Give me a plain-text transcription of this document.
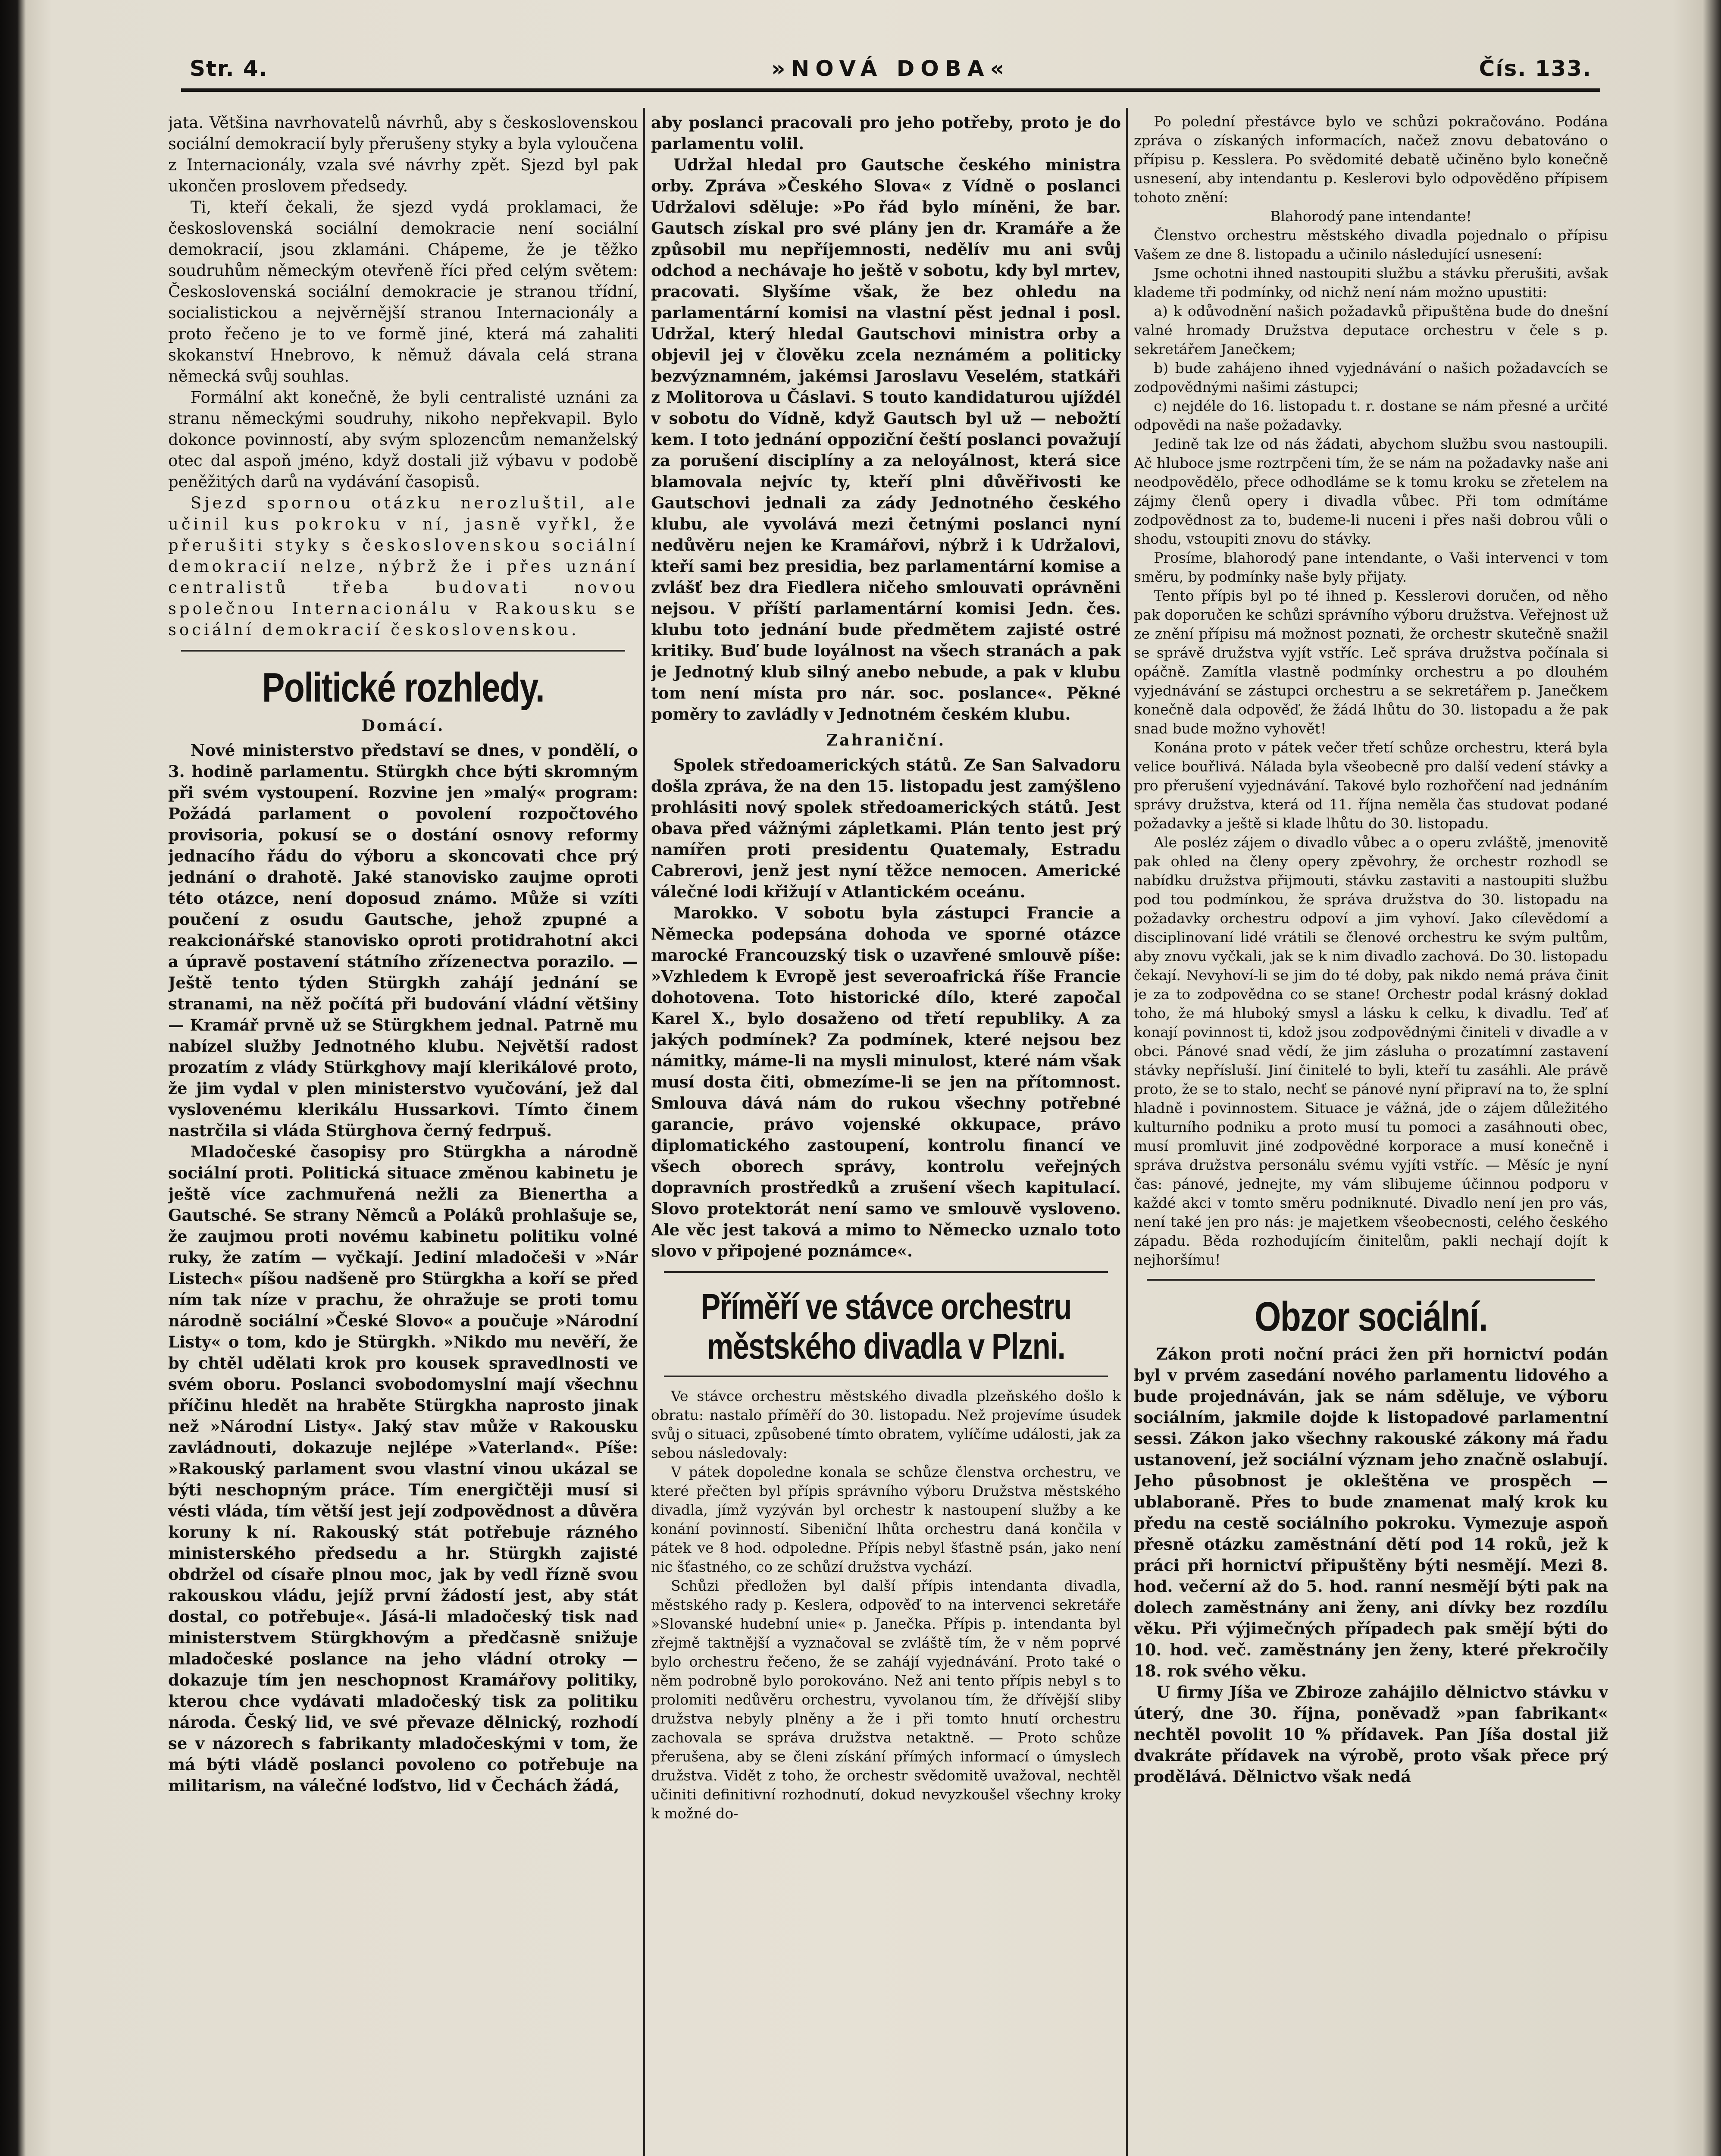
Str. 4.	»NOVÁ DOBA«	Čís. 133.

jata. Většina navrhovatelů návrhů, aby s československou sociální demokracií byly přerušeny styky a byla vyloučena z Internacionály, vzala své návrhy zpět. Sjezd byl pak ukončen proslovem předsedy.

Ti, kteří čekali, že sjezd vydá proklamaci, že československá sociální demokracie není sociální demokracií, jsou zklamáni. Chápeme, že je těžko soudruhům německým otevřeně říci před celým světem: Československá sociální demokracie je stranou třídní, socialistickou a nejvěrnější stranou Internacionály a proto řečeno je to ve formě jiné, která má zahaliti skokanství Hnebrovo, k němuž dávala celá strana německá svůj souhlas.

Formální akt konečně, že byli centralisté uznáni za stranu německými soudruhy, nikoho nepřekvapil. Bylo dokonce povinností, aby svým splozencům nemanželský otec dal aspoň jméno, když dostali již výbavu v podobě peněžitých darů na vydávání časopisů.

Sjezd spornou otázku nerozluštil, ale učinil kus pokroku v ní, jasně vyřkl, že přerušiti styky s československou sociální demokracií nelze, nýbrž že i přes uznání centralistů třeba budovati novou společnou Internacionálu v Rakousku se sociální demokracií československou.

Politické rozhledy.
Domácí.

Nové ministerstvo představí se dnes, v pondělí, o 3. hodině parlamentu. Stürgkh chce býti skromným při svém vystoupení. Rozvine jen »malý« program: Požádá parlament o povolení rozpočtového provisoria, pokusí se o dostání osnovy reformy jednacího řádu do výboru a skoncovati chce prý jednání o drahotě. Jaké stanovisko zaujme oproti této otázce, není doposud známo. Může si vzíti poučení z osudu Gautsche, jehož zpupné a reakcionářské stanovisko oproti protidrahotní akci a úpravě postavení státního zřízenectva porazilo. — Ještě tento týden Stürgkh zahájí jednání se stranami, na něž počítá při budování vládní většiny — Kramář prvně už se Stürgkhem jednal. Patrně mu nabízel služby Jednotného klubu. Největší radost prozatím z vlády Stürkghovy mají klerikálové proto, že jim vydal v plen ministerstvo vyučování, jež dal vyslovenému klerikálu Hussarkovi. Tímto činem nastrčila si vláda Stürghova černý fedrpuš.

Mladočeské časopisy pro Stürgkha a národně sociální proti. Politická situace změnou kabinetu je ještě více zachmuřená nežli za Bienertha a Gautsché. Se strany Němců a Poláků prohlašuje se, že zaujmou proti novému kabinetu politiku volné ruky, že zatím — vyčkají. Jediní mladočeši v »Nár Listech« píšou nadšeně pro Stürgkha a koří se před ním tak níze v prachu, že ohražuje se proti tomu národně sociální »České Slovo« a poučuje »Národní Listy« o tom, kdo je Stürgkh. »Nikdo mu nevěří, že by chtěl udělati krok pro kousek spravedlnosti ve svém oboru. Poslanci svobodomyslní mají všechnu příčinu hledět na hraběte Stürgkha naprosto jinak než »Národní Listy«. Jaký stav může v Rakousku zavládnouti, dokazuje nejlépe »Vaterland«. Píše: »Rakouský parlament svou vlastní vinou ukázal se býti neschopným práce. Tím energičtěji musí si vésti vláda, tím větší jest její zodpovědnost a důvěra koruny k ní. Rakouský stát potřebuje rázného ministerského předsedu a hr. Stürgkh zajisté obdržel od císaře plnou moc, jak by vedl řízně svou rakouskou vládu, jejíž první žádostí jest, aby stát dostal, co potřebuje«. Jásá-li mladočeský tisk nad ministerstvem Stürgkhovým a předčasně snižuje mladočeské poslance na jeho vládní otroky — dokazuje tím jen neschopnost Kramářovy politiky, kterou chce vydávati mladočeský tisk za politiku národa. Český lid, ve své převaze dělnický, rozhodí se v názorech s fabrikanty mladočeskými v tom, že má býti vládě poslanci povoleno co potřebuje na militarism, na válečné loďstvo, lid v Čechách žádá,

aby poslanci pracovali pro jeho potřeby, proto je do parlamentu volil.

Udržal hledal pro Gautsche českého ministra orby. Zpráva »Českého Slova« z Vídně o poslanci Udržalovi sděluje: »Po řád bylo míněni, že bar. Gautsch získal pro své plány jen dr. Kramáře a že způsobil mu nepříjemnosti, nedělív mu ani svůj odchod a nechávaje ho ještě v sobotu, kdy byl mrtev, pracovati. Slyšíme však, že bez ohledu na parlamentární komisi na vlastní pěst jednal i posl. Udržal, který hledal Gautschovi ministra orby a objevil jej v člověku zcela neznámém a politicky bezvýznamném, jakémsi Jaroslavu Veselém, statkáři z Molitorova u Čáslavi. S touto kandidaturou ujíždél v sobotu do Vídně, když Gautsch byl už — nebožtí kem. I toto jednání oppoziční čeští poslanci považují za porušení disciplíny a za neloyálnost, která sice blamovala nejvíc ty, kteří plni důvěřivosti ke Gautschovi jednali za zády Jednotného českého klubu, ale vyvolává mezi četnými poslanci nyní nedůvěru nejen ke Kramářovi, nýbrž i k Udržalovi, kteří sami bez presidia, bez parlamentární komise a zvlášť bez dra Fiedlera ničeho smlouvati oprávněni nejsou. V příští parlamentární komisi Jedn. čes. klubu toto jednání bude předmětem zajisté ostré kritiky. Buď bude loyálnost na všech stranách a pak je Jednotný klub silný anebo nebude, a pak v klubu tom není místa pro nár. soc. poslance«. Pěkné poměry to zavládly v Jednotném českém klubu.

Zahraniční.

Spolek středoamerických států. Ze San Salvadoru došla zpráva, že na den 15. listopadu jest zamýšleno prohlásiti nový spolek středoamerických států. Jest obava před vážnými zápletkami. Plán tento jest prý namířen proti presidentu Quatemaly, Estradu Cabrerovi, jenž jest nyní těžce nemocen. Americké válečné lodi křižují v Atlantickém oceánu.

Marokko. V sobotu byla zástupci Francie a Německa podepsána dohoda ve sporné otázce marocké Francouzský tisk o uzavřené smlouvě píše: »Vzhledem k Evropě jest severoafrická říše Francie dohotovena. Toto historické dílo, které započal Karel X., bylo dosaženo od třetí republiky. A za jakých podmínek? Za podmínek, které nejsou bez námitky, máme-li na mysli minulost, které nám však musí dosta čiti, obmezíme-li se jen na přítomnost. Smlouva dává nám do rukou všechny potřebné garancie, právo vojenské okkupace, právo diplomatického zastoupení, kontrolu financí ve všech oborech správy, kontrolu veřejných dopravních prostředků a zrušení všech kapitulací. Slovo protektorát není samo ve smlouvě vysloveno. Ale věc jest taková a mimo to Německo uznalo toto slovo v připojené poznámce«.

Příměří ve stávce orchestru městského divadla v Plzni.

Ve stávce orchestru městského divadla plzeňského došlo k obratu: nastalo příměří do 30. listopadu. Než projevíme úsudek svůj o situaci, způsobené tímto obratem, vylíčíme události, jak za sebou následovaly:

V pátek dopoledne konala se schůze členstva orchestru, ve které přečten byl přípis správního výboru Družstva městského divadla, jímž vyzýván byl orchestr k nastoupení služby a ke konání povinností. Sibeniční lhůta orchestru daná končila v pátek ve 8 hod. odpoledne. Přípis nebyl šťastně psán, jako není nic šťastného, co ze schůzí družstva vychází.

Schůzi předložen byl další přípis intendanta divadla, městského rady p. Keslera, odpověď to na intervenci sekretáře »Slovanské hudební unie« p. Janečka. Přípis p. intendanta byl zřejmě taktnější a vyznačoval se zvláště tím, že v něm poprvé bylo orchestru řečeno, že se zahájí vyjednávání. Proto také o něm podrobně bylo porokováno. Než ani tento přípis nebyl s to prolomiti nedůvěru orchestru, vyvolanou tím, že dřívější sliby družstva nebyly plněny a že i při tomto hnutí orchestru zachovala se správa družstva netaktně. — Proto schůze přerušena, aby se členi získání přímých informací o úmyslech družstva. Vidět z toho, že orchestr svědomitě uvažoval, nechtěl učiniti definitivní rozhodnutí, dokud nevyzkoušel všechny kroky k možné do-

Po polední přestávce bylo ve schůzi pokračováno. Podána zpráva o získaných informacích, načež znovu debatováno o přípisu p. Kesslera. Po svědomité debatě učiněno bylo konečně usnesení, aby intendantu p. Keslerovi bylo odpověděno přípisem tohoto znění:

Blahorodý pane intendante!

Členstvo orchestru městského divadla pojednalo o přípisu Vašem ze dne 8. listopadu a učinilo následující usnesení:

Jsme ochotni ihned nastoupiti službu a stávku přerušiti, avšak klademe tři podmínky, od nichž není nám možno upustiti:

a) k odůvodnění našich požadavků připuštěna bude do dnešní valné hromady Družstva deputace orchestru v čele s p. sekretářem Janečkem;

b) bude zahájeno ihned vyjednávání o našich požadavcích se zodpovědnými našimi zástupci;

c) nejdéle do 16. listopadu t. r. dostane se nám přesné a určité odpovědi na naše požadavky.

Jedině tak lze od nás žádati, abychom službu svou nastoupili. Ač hluboce jsme roztrpčeni tím, že se nám na požadavky naše ani neodpovědělo, přece odhodláme se k tomu kroku se zřetelem na zájmy členů opery i divadla vůbec. Při tom odmítáme zodpovědnost za to, budeme-li nuceni i přes naši dobrou vůli o shodu, vstoupiti znovu do stávky.

Prosíme, blahorodý pane intendante, o Vaši intervenci v tom směru, by podmínky naše byly přijaty.

Tento přípis byl po té ihned p. Kesslerovi doručen, od něho pak doporučen ke schůzi správního výboru družstva. Veřejnost už ze znění přípisu má možnost poznati, že orchestr skutečně snažil se správě družstva vyjít vstříc. Leč správa družstva počínala si opáčně. Zamítla vlastně podmínky orchestru a po dlouhém vyjednávání se zástupci orchestru a se sekretářem p. Janečkem konečně dala odpověď, že žádá lhůtu do 30. listopadu a že pak snad bude možno vyhovět!

Konána proto v pátek večer třetí schůze orchestru, která byla velice bouřlivá. Nálada byla všeobecně pro další vedení stávky a pro přerušení vyjednávání. Takové bylo rozhořčení nad jednáním správy družstva, která od 11. října neměla čas studovat podané požadavky a ještě si klade lhůtu do 30. listopadu.

Ale posléz zájem o divadlo vůbec a o operu zvláště, jmenovitě pak ohled na členy opery zpěvohry, že orchestr rozhodl se nabídku družstva přijmouti, stávku zastaviti a nastoupiti službu pod tou podmínkou, že správa družstva do 30. listopadu na požadavky orchestru odpoví a jim vyhoví. Jako cílevědomí a disciplinovaní lidé vrátili se členové orchestru ke svým pultům, aby znovu vyčkali, jak se k nim divadlo zachová. Do 30. listopadu čekají. Nevyhoví-li se jim do té doby, pak nikdo nemá práva činit je za to zodpovědna co se stane! Orchestr podal krásný doklad toho, že má hluboký smysl a lásku k celku, k divadlu. Teď ať konají povinnost ti, kdož jsou zodpovědnými činiteli v divadle a v obci. Pánové snad vědí, že jim zásluha o prozatímní zastavení stávky nepřísluší. Jiní činitelé to byli, kteří tu zasáhli. Ale právě proto, že se to stalo, nechť se pánové nyní připraví na to, že splní hladně i povinnostem. Situace je vážná, jde o zájem důležitého kulturního podniku a proto musí tu pomoci a zasáhnouti obec, musí promluvit jiné zodpovědné korporace a musí konečně i správa družstva personálu svému vyjíti vstříc. — Měsíc je nyní čas: pánové, jednejte, my vám slibujeme účinnou podporu v každé akci v tomto směru podniknuté. Divadlo není jen pro vás, není také jen pro nás: je majetkem všeobecnosti, celého českého západu. Běda rozhodujícím činitelům, pakli nechají dojít k nejhoršímu!

Obzor sociální.

Zákon proti noční práci žen při hornictví podán byl v prvém zasedání nového parlamentu lidového a bude projednáván, jak se nám sděluje, ve výboru sociálním, jakmile dojde k listopadové parlamentní sessi. Zákon jako všechny rakouské zákony má řadu ustanovení, jež sociální význam jeho značně oslabují. Jeho působnost je okleštěna ve prospěch — ublaboraně. Přes to bude znamenat malý krok ku předu na cestě sociálního pokroku. Vymezuje aspoň přesně otázku zaměstnání dětí pod 14 roků, jež k práci při hornictví připuštěny býti nesmějí. Mezi 8. hod. večerní až do 5. hod. ranní nesmějí býti pak na dolech zaměstnány ani ženy, ani dívky bez rozdílu věku. Při výjimečných případech pak smějí býti do 10. hod. več. zaměstnány jen ženy, které překročily 18. rok svého věku.

U firmy Jíša ve Zbiroze zahájilo dělnictvo stávku v úterý, dne 30. října, poněvadž »pan fabrikant« nechtěl povolit 10 % přídavek. Pan Jíša dostal již dvakráte přídavek na výrobě, proto však přece prý prodělává. Dělnictvo však nedá
